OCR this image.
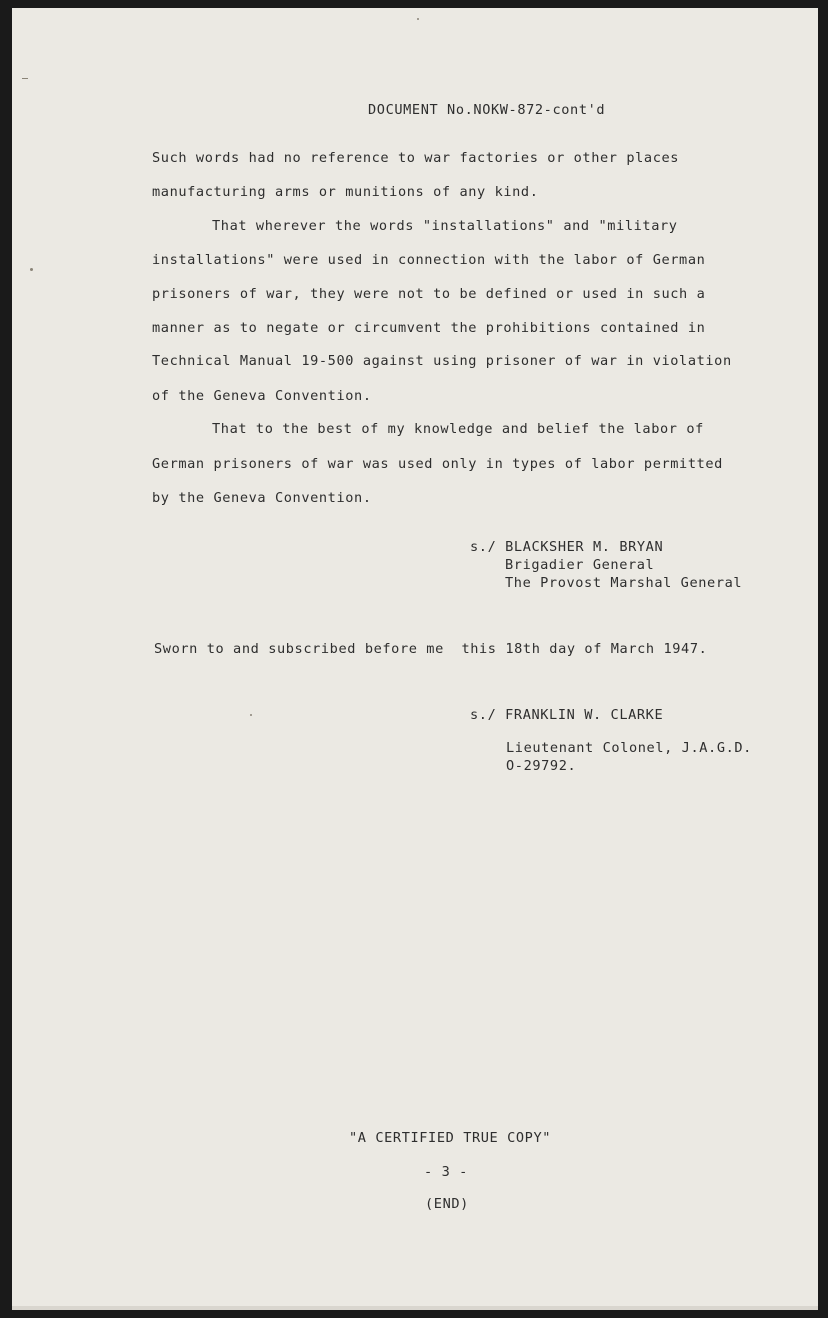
DOCUMENT No.NOKW-872-cont'd
Such words had no reference to war factories or other places
manufacturing arms or munitions of any kind.
That wherever the words "installations" and "military
installations" were used in connection with the labor of German
prisoners of war, they were not to be defined or used in such a
manner as to negate or circumvent the prohibitions contained in
Technical Manual 19-500 against using prisoner of war in violation
of the Geneva Convention.
That to the best of my knowledge and belief the labor of
German prisoners of war was used only in types of labor permitted
by the Geneva Convention.
s./ BLACKSHER M. BRYAN
Brigadier General
The Provost Marshal General
Sworn to and subscribed before me  this 18th day of March 1947.
s./ FRANKLIN W. CLARKE
Lieutenant Colonel, J.A.G.D.
O-29792.
"A CERTIFIED TRUE COPY"
- 3 -
(END)
